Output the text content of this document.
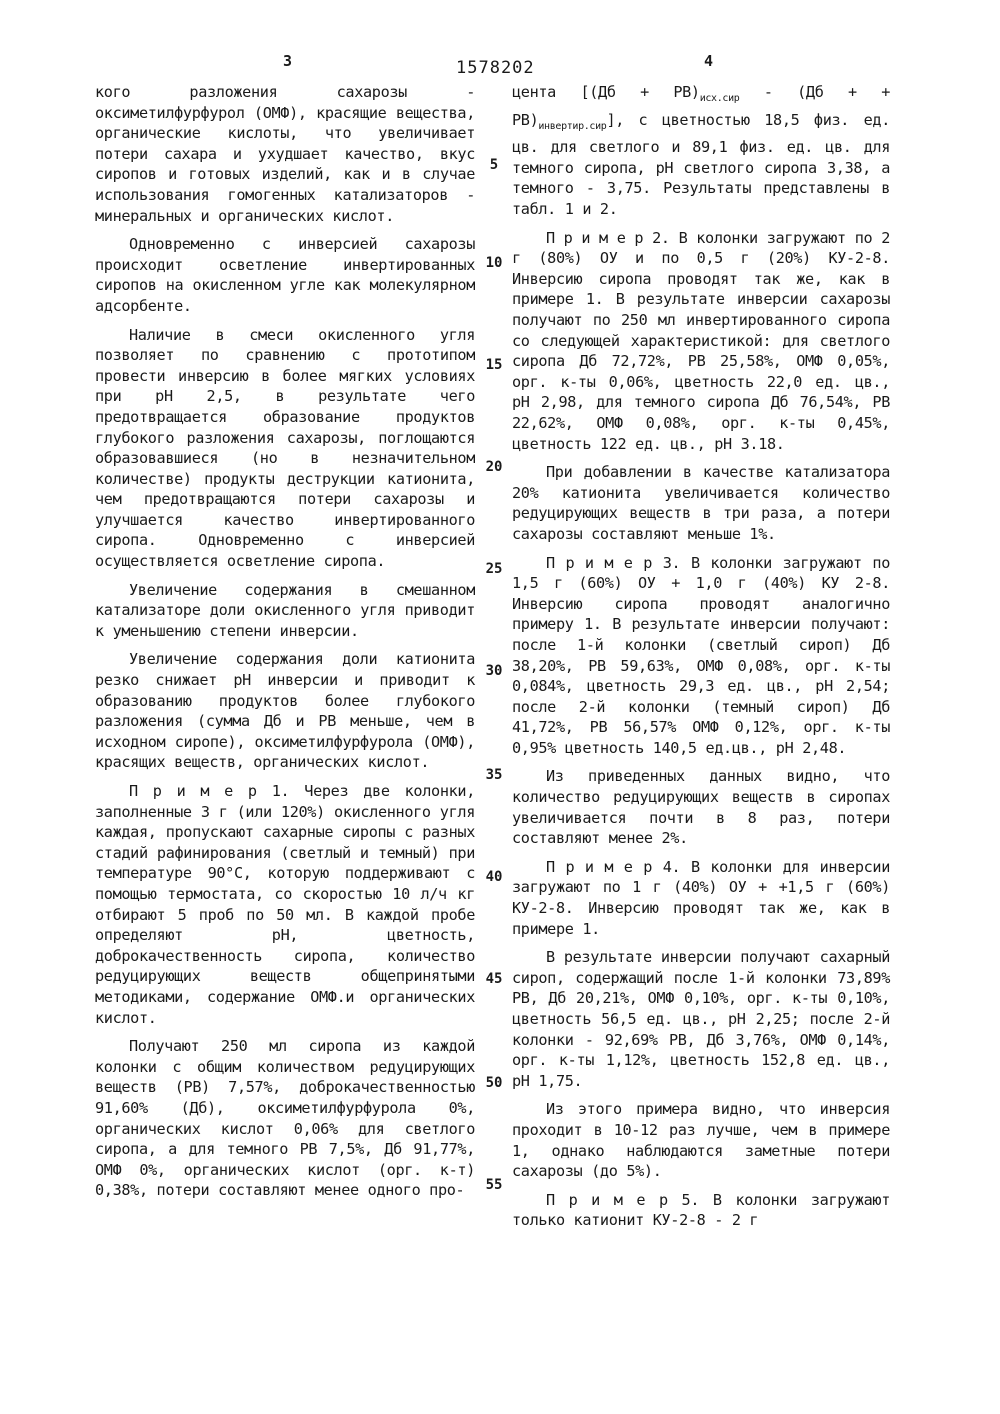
3	1578202	4

кого разложения сахарозы - оксиметилфурфурол (ОМФ), красящие вещества, органические кислоты, что увеличивает потери сахара и ухудшает качество, вкус сиропов и готовых изделий, как и в случае использования гомогенных катализаторов - минеральных и органических кислот.

Одновременно с инверсией сахарозы происходит осветление инвертированных сиропов на окисленном угле как молекулярном адсорбенте.

Наличие в смеси окисленного угля позволяет по сравнению с прототипом провести инверсию в более мягких условиях при pH 2,5, в результате чего предотвращается образование продуктов глубокого разложения сахарозы, поглощаются образовавшиеся (но в незначительном количестве) продукты деструкции катионита, чем предотвращаются потери сахарозы и улучшается качество инвертированного сиропа. Одновременно с инверсией осуществляется осветление сиропа.

Увеличение содержания в смешанном катализаторе доли окисленного угля приводит к уменьшению степени инверсии.

Увеличение содержания доли катионита резко снижает pH инверсии и приводит к образованию продуктов более глубокого разложения (сумма Дб и РВ меньше, чем в исходном сиропе), оксиметилфурфурола (ОМФ), красящих веществ, органических кислот.

П р и м е р 1. Через две колонки, заполненные 3 г (или 120%) окисленного угля каждая, пропускают сахарные сиропы с разных стадий рафинирования (светлый и темный) при температуре 90°С, которую поддерживают с помощью термостата, со скоростью 10 л/ч кг отбирают 5 проб по 50 мл. В каждой пробе определяют pH, цветность, доброкачественность сиропа, количество редуцирующих веществ общепринятыми методиками, содержание ОМФ.и органических кислот.

Получают 250 мл сиропа из каждой колонки с общим количеством редуцирующих веществ (РВ) 7,57%, доброкачественностью 91,60% (Дб), оксиметилфурфурола 0%, органических кислот 0,06% для светлого сиропа, а для темного РВ 7,5%, Дб 91,77%, ОМФ 0%, органических кислот (орг. к-т) 0,38%, потери составляют менее одного про-

5
10
15
20
25
30
35
40
45
50
55

цента [$(Дб + РВ)_{исх.сир} - (Дб$ + + $РВ)_{инвертир.сир}$], с цветностью 18,5 физ. ед. цв. для светлого и 89,1 физ. ед. цв. для темного сиропа, pH светлого сиропа 3,38, а темного - 3,75. Результаты представлены в табл. 1 и 2.

П р и м е р 2. В колонки загружают по 2 г (80%) ОУ и по 0,5 г (20%) КУ-2-8. Инверсию сиропа проводят так же, как в примере 1. В результате инверсии сахарозы получают по 250 мл инвертированного сиропа со следующей характеристикой: для светлого сиропа Дб 72,72%, РВ 25,58%, ОМФ 0,05%, орг. к-ты 0,06%, цветность 22,0 ед. цв., pH 2,98, для темного сиропа Дб 76,54%, РВ 22,62%, ОМФ 0,08%, орг. к-ты 0,45%, цветность 122 ед. цв., pH 3.18.

При добавлении в качестве катализатора 20% катионита увеличивается количество редуцирующих веществ в три раза, а потери сахарозы составляют меньше 1%.

П р и м е р 3. В колонки загружают по 1,5 г (60%) ОУ + 1,0 г (40%) КУ 2-8. Инверсию сиропа проводят аналогично примеру 1. В результате инверсии получают: после 1-й колонки (светлый сироп) Дб 38,20%, РВ 59,63%, ОМФ 0,08%, орг. к-ты 0,084%, цветность 29,3 ед. цв., pH 2,54; после 2-й колонки (темный сироп) Дб 41,72%, РВ 56,57% ОМФ 0,12%, орг. к-ты 0,95% цветность 140,5 ед.цв., pH 2,48.

Из приведенных данных видно, что количество редуцирующих веществ в сиропах увеличивается почти в 8 раз, потери составляют менее 2%.

П р и м е р 4. В колонки для инверсии загружают по 1 г (40%) ОУ + +1,5 г (60%) КУ-2-8. Инверсию проводят так же, как в примере 1.

В результате инверсии получают сахарный сироп, содержащий после 1-й колонки 73,89% РВ, Дб 20,21%, ОМФ 0,10%, орг. к-ты 0,10%, цветность 56,5 ед. цв., pH 2,25; после 2-й колонки - 92,69% РВ, Дб 3,76%, ОМФ 0,14%, орг. к-ты 1,12%, цветность 152,8 ед. цв., pH 1,75.

Из этого примера видно, что инверсия проходит в 10-12 раз лучше, чем в примере 1, однако наблюдаются заметные потери сахарозы (до 5%).

П р и м е р 5. В колонки загружают только катионит КУ-2-8 - 2 г
